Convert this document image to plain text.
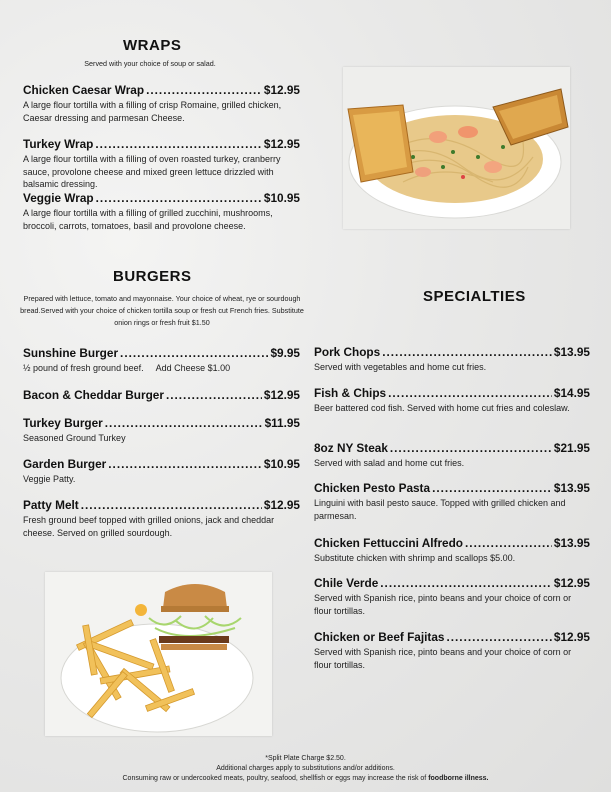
WRAPS
Served with your choice of soup or salad.
Chicken Caesar Wrap .....	$12.95
A large flour tortilla with a filling of crisp Romaine, grilled chicken, Caesar dressing and parmesan Cheese.
Turkey Wrap .....	$12.95
A large flour tortilla with a filling of oven roasted turkey, cranberry sauce, provolone cheese and mixed green lettuce drizzled with balsamic dressing.
Veggie Wrap .....	$10.95
A large flour tortilla with a filling of grilled zucchini, mushrooms, broccoli, carrots, tomatoes, basil and provolone cheese.
BURGERS
Prepared with lettuce, tomato and mayonnaise. Your choice of wheat, rye or sourdough bread.Served with your choice of chicken tortilla soup or fresh cut French fries. Substitute onion rings or fresh fruit $1.50
Sunshine Burger .....	$9.95
½ pound of fresh ground beef.     Add Cheese $1.00
Bacon & Cheddar Burger .....	$12.95
Turkey Burger .....	$11.95
Seasoned Ground Turkey
Garden Burger .....	$10.95
Veggie Patty.
Patty Melt .....	$12.95
Fresh ground beef topped with grilled onions, jack and cheddar cheese. Served on grilled sourdough.
SPECIALTIES
Pork Chops .....	$13.95
Served with vegetables and home cut fries.
Fish & Chips .....	$14.95
Beer battered cod fish. Served with home cut fries and coleslaw.
8oz NY Steak .....	$21.95
Served with salad and home cut fries.
Chicken Pesto Pasta .....	$13.95
Linguini with basil pesto sauce. Topped with grilled chicken and parmesan.
Chicken Fettuccini Alfredo .....	$13.95
Substitute chicken with shrimp and scallops $5.00.
Chile Verde .....	$12.95
Served with Spanish rice, pinto beans and your choice of corn or flour tortillas.
Chicken or Beef Fajitas .....	$12.95
Served with Spanish rice, pinto beans and your choice of corn or flour tortillas.
*Split Plate Charge $2.50.
Additional charges apply to substitutions and/or additions.
Consuming raw or undercooked meats, poultry, seafood, shellfish or eggs may increase the risk of foodborne illness.
